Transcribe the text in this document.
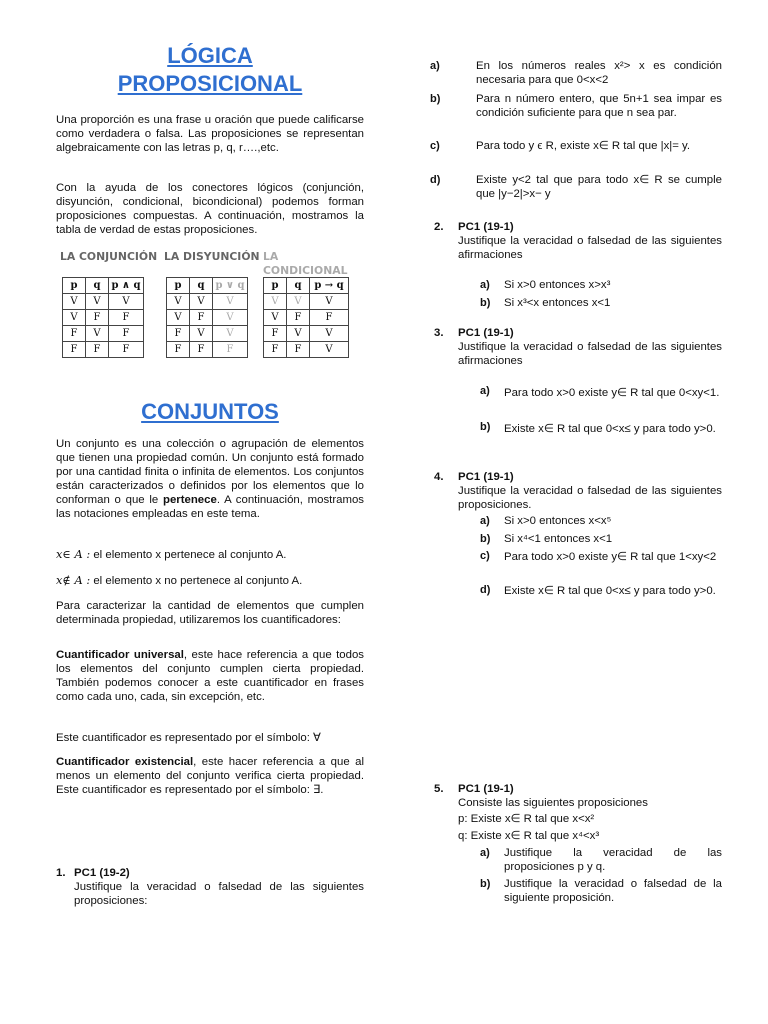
LÓGICA
PROPOSICIONAL

Una proporción es una frase u oración que puede calificarse como verdadera o falsa. Las proposiciones se representan algebraicamente con las letras p, q, r….,etc.

Con la ayuda de los conectores lógicos (conjunción, disyunción, condicional, bicondicional) podemos forman proposiciones compuestas. A continuación, mostramos la tabla de verdad de estas proposiciones.

LA CONJUNCIÓN LA DISYUNCIÓN LA CONDICIONAL
p	q	p ∧ q
V	V	V
V	F	F
F	V	F
F	F	F
p	q	p ∨ q
V	V	V
V	F	V
F	V	V
F	F	F
p	q	p → q
V	V	V
V	F	F
F	V	V
F	F	V
CONJUNTOS

Un conjunto es una colección o agrupación de elementos que tienen una propiedad común. Un conjunto está formado por una cantidad finita o infinita de elementos. Los conjuntos están caracterizados o definidos por los elementos que lo conforman o que le pertenece. A continuación, mostramos las notaciones empleadas en este tema.

x∈ A : el elemento x pertenece al conjunto A.
x∉ A : el elemento x no pertenece al conjunto A.

Para caracterizar la cantidad de elementos que cumplen determinada propiedad, utilizaremos los cuantificadores:

Cuantificador universal, este hace referencia a que todos los elementos del conjunto cumplen cierta propiedad. También podemos conocer a este cuantificador en frases como cada uno, cada, sin excepción, etc.

Este cuantificador es representado por el símbolo: ∀

Cuantificador existencial, este hacer referencia a que al menos un elemento del conjunto verifica cierta propiedad. Este cuantificador es representado por el símbolo: ∃.

1. PC1 (19-2)

Justifique la veracidad o falsedad de las siguientes proposiciones:

a)	En los números reales x²> x es condición necesaria para que 0<x<2

b)	Para n número entero, que 5n+1 sea impar es condición suficiente para que n sea par.

c)	Para todo y ϵ R, existe x∈ R tal que |x|= y.

d)	Existe y<2 tal que para todo x∈ R se cumple que |y−2|>x− y

2. PC1 (19-1)

Justifique la veracidad o falsedad de las siguientes afirmaciones

a) Si x>0 entonces x>x³

b) Si x³<x entonces x<1

3. PC1 (19-1)

Justifique la veracidad o falsedad de las siguientes afirmaciones

a) Para todo x>0 existe y∈ R tal que 0<xy<1.

b) Existe x∈ R tal que 0<x≤ y para todo y>0.

4. PC1 (19-1)

Justifique la veracidad o falsedad de las siguientes proposiciones.

a) Si x>0 entonces x<x⁵

b) Si x⁴<1 entonces x<1

c) Para todo x>0 existe y∈ R tal que 1<xy<2

d) Existe x∈ R tal que 0<x≤ y para todo y>0.

5. PC1 (19-1)

Consiste las siguientes proposiciones

p: Existe x∈ R tal que x<x²

q: Existe x∈ R tal que x⁴<x³

a) Justifique la veracidad de las proposiciones p y q.

b) Justifique la veracidad o falsedad de la siguiente proposición.
